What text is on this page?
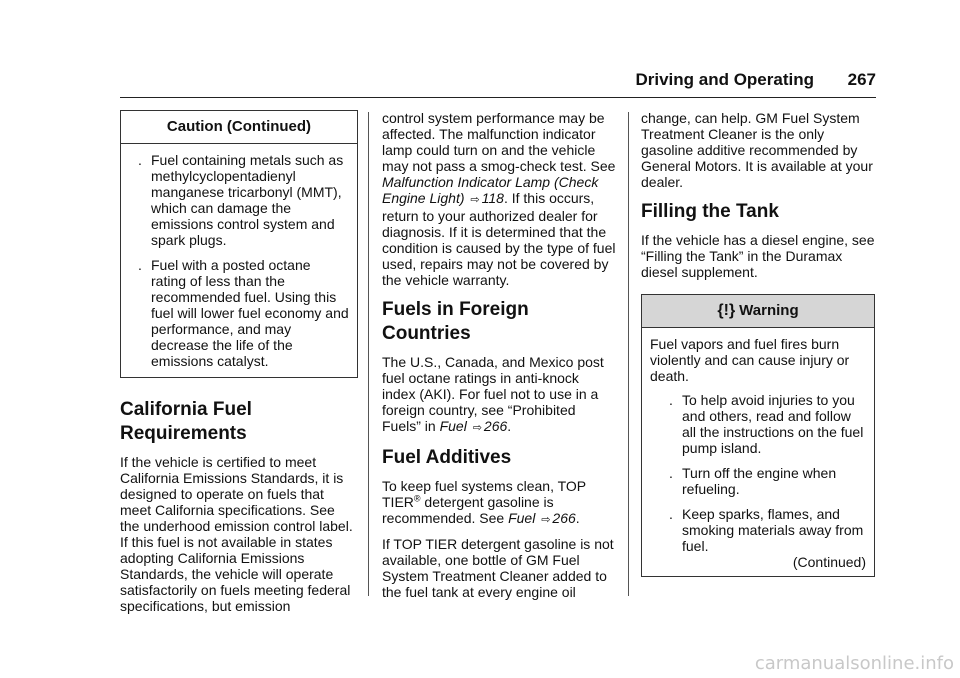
Driving and Operating 267
Caution (Continued)
. Fuel containing metals such as methylcyclopentadienyl manganese tricarbonyl (MMT), which can damage the emissions control system and spark plugs.
. Fuel with a posted octane rating of less than the recommended fuel. Using this fuel will lower fuel economy and performance, and may decrease the life of the emissions catalyst.
California Fuel Requirements

If the vehicle is certified to meet California Emissions Standards, it is designed to operate on fuels that meet California specifications. See the underhood emission control label. If this fuel is not available in states adopting California Emissions Standards, the vehicle will operate satisfactorily on fuels meeting federal specifications, but emission

control system performance may be affected. The malfunction indicator lamp could turn on and the vehicle may not pass a smog-check test. See Malfunction Indicator Lamp (Check Engine Light) ⇨ 118. If this occurs, return to your authorized dealer for diagnosis. If it is determined that the condition is caused by the type of fuel used, repairs may not be covered by the vehicle warranty.

Fuels in Foreign Countries

The U.S., Canada, and Mexico post fuel octane ratings in anti-knock index (AKI). For fuel not to use in a foreign country, see “Prohibited Fuels” in Fuel ⇨ 266.

Fuel Additives

To keep fuel systems clean, TOP TIER® detergent gasoline is recommended. See Fuel ⇨ 266.

If TOP TIER detergent gasoline is not available, one bottle of GM Fuel System Treatment Cleaner added to the fuel tank at every engine oil

change, can help. GM Fuel System Treatment Cleaner is the only gasoline additive recommended by General Motors. It is available at your dealer.

Filling the Tank

If the vehicle has a diesel engine, see “Filling the Tank” in the Duramax diesel supplement.

{!} Warning

Fuel vapors and fuel fires burn violently and can cause injury or death.

. To help avoid injuries to you and others, read and follow all the instructions on the fuel pump island.
. Turn off the engine when refueling.
. Keep sparks, flames, and smoking materials away from fuel.

(Continued)

carmanualsonline.info
